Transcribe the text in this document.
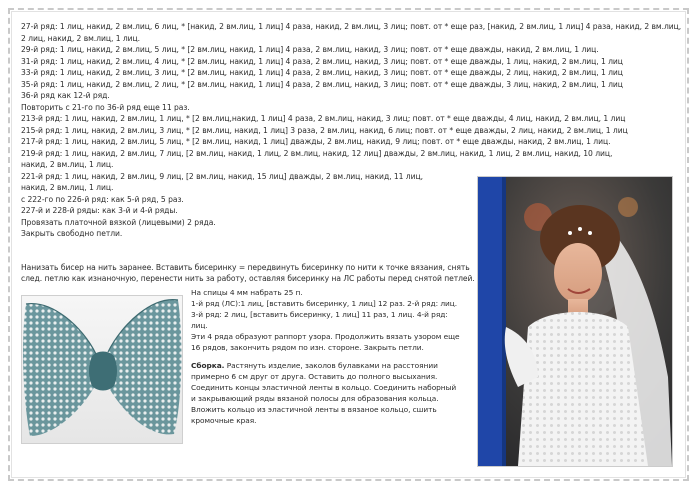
27-й ряд: 1 лиц, накид, 2 вм.лиц, 6 лиц, * [накид, 2 вм.лиц, 1 лиц] 4 раза, накид, 2 вм.лиц, 3 лиц; повт. от * еще раз, [накид, 2 вм.лиц, 1 лиц] 4 раза, накид, 2 вм.лиц,
2 лиц, накид, 2 вм.лиц, 1 лиц.
29-й ряд: 1 лиц, накид, 2 вм.лиц, 5 лиц, * [2 вм.лиц, накид, 1 лиц] 4 раза, 2 вм.лиц, накид, 3 лиц; повт. от * еще дважды, накид, 2 вм.лиц, 1 лиц.
31-й ряд: 1 лиц, накид, 2 вм.лиц, 4 лиц, * [2 вм.лиц, накид, 1 лиц] 4 раза, 2 вм.лиц, накид, 3 лиц; повт. от * еще дважды, 1 лиц, накид, 2 вм.лиц, 1 лиц
33-й ряд: 1 лиц, накид, 2 вм.лиц, 3 лиц, * [2 вм.лиц, накид, 1 лиц] 4 раза, 2 вм.лиц, накид, 3 лиц; повт. от * еще дважды, 2 лиц, накид, 2 вм.лиц, 1 лиц
35-й ряд: 1 лиц, накид, 2 вм.лиц, 2 лиц, * [2 вм.лиц, накид, 1 лиц] 4 раза, 2 вм.лиц, накид, 3 лиц; повт. от * еще дважды, 3 лиц, накид, 2 вм.лиц, 1 лиц
36-й ряд как 12-й ряд.
Повторить с 21-го по 36-й ряд еще 11 раз.
213-й ряд: 1 лиц, накид, 2 вм.лиц, 1 лиц, * [2 вм.лиц,накид, 1 лиц] 4 раза, 2 вм.лиц, накид, 3 лиц; повт. от * еще дважды, 4 лиц, накид, 2 вм.лиц, 1 лиц
215-й ряд: 1 лиц, накид, 2 вм.лиц, 3 лиц, * [2 вм.лиц, накид, 1 лиц] 3 раза, 2 вм.лиц, накид, 6 лиц; повт. от * еще дважды, 2 лиц, накид, 2 вм.лиц, 1 лиц
217-й ряд: 1 лиц, накид, 2 вм.лиц, 5 лиц, * [2 вм.лиц, накид, 1 лиц] дважды, 2 вм.лиц, накид, 9 лиц; повт. от * еще дважды, накид, 2 вм.лиц, 1 лиц.
219-й ряд: 1 лиц, накид, 2 вм.лиц, 7 лиц, [2 вм.лиц, накид, 1 лиц, 2 вм.лиц, накид, 12 лиц] дважды, 2 вм.лиц, накид, 1 лиц, 2 вм.лиц, накид, 10 лиц,
накид, 2 вм.лиц, 1 лиц.
221-й ряд: 1 лиц, накид, 2 вм.лиц, 9 лиц, [2 вм.лиц, накид, 15 лиц] дважды, 2 вм.лиц, накид, 11 лиц,
накид, 2 вм.лиц, 1 лиц.
с 222-го по 226-й ряд: как 5-й ряд, 5 раз.
227-й и 228-й ряды: как 3-й и 4-й ряды.
Провязать платочной вязкой (лицевыми) 2 ряда.
Закрыть свободно петли.
Нанизать бисер на нить заранее. Вставить бисеринку = передвинуть бисеринку по нити к точке вязания, снять
след. петлю как изнаночную, перенести нить за работу, оставляя бисеринку на ЛС работы перед снятой петлей.
На спицы 4 мм набрать 25 п.
1-й ряд (ЛС):1 лиц, [вставить бисеринку, 1 лиц] 12 раз. 2-й ряд: лиц.
3-й ряд: 2 лиц, [вставить бисеринку, 1 лиц] 11 раз, 1 лиц. 4-й ряд:
лиц.
Эти 4 ряда образуют раппорт узора. Продолжить вязать узором еще
16 рядов, закончить рядом по изн. стороне. Закрыть петли.
Сборка. Растянуть изделие, заколов булавками на расстоянии
примерно 6 см друг от друга. Оставить до полного высыхания.
Соединить концы эластичной ленты в кольцо. Соединить наборный
и закрывающий ряды вязаной полосы для образования кольца.
Вложить кольцо из эластичной ленты в вязаное кольцо, сшить
кромочные края.
